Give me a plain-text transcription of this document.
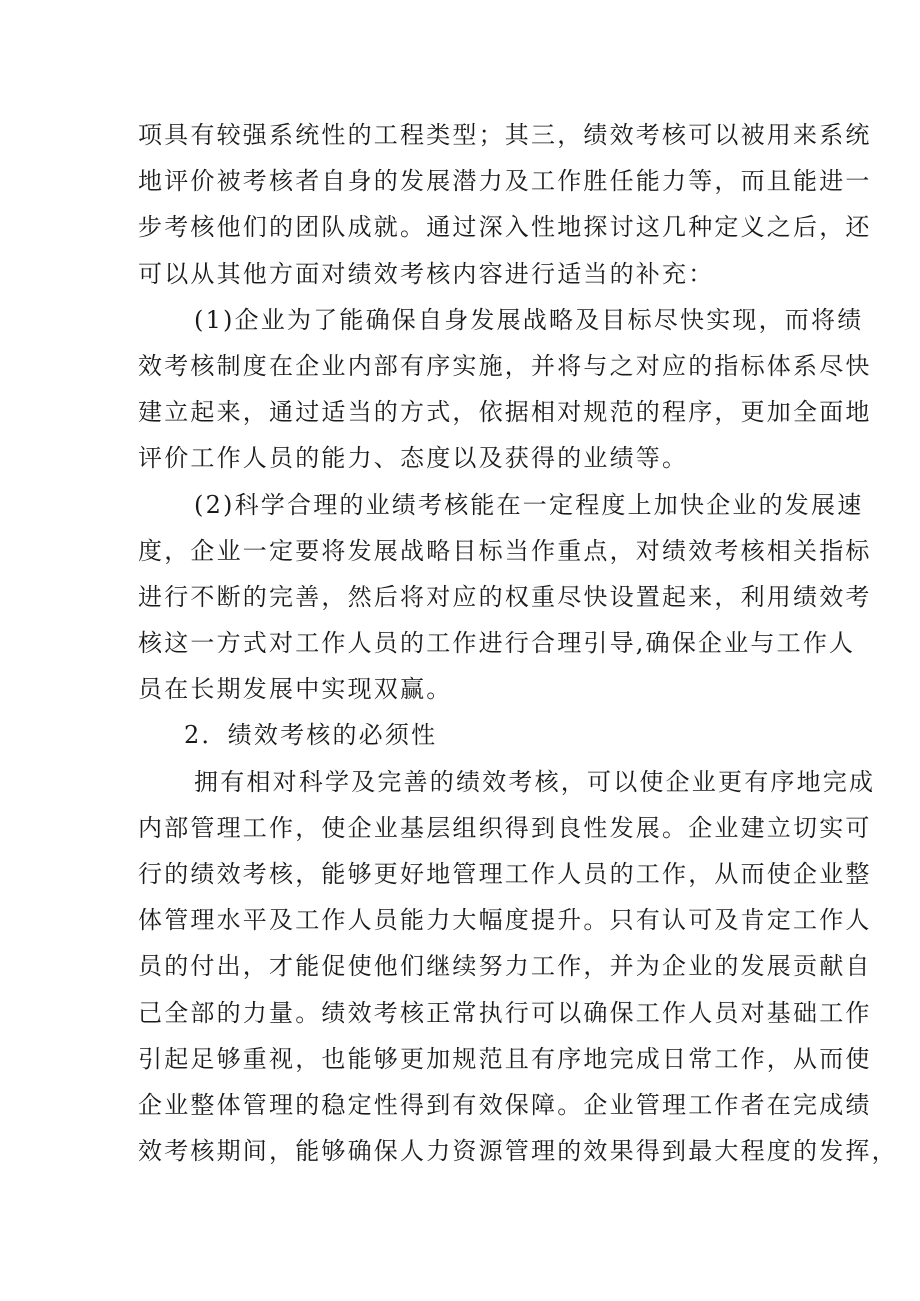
项具有较强系统性的工程类型；其三，绩效考核可以被用来系统
地评价被考核者自身的发展潜力及工作胜任能力等，而且能进一
步考核他们的团队成就。通过深入性地探讨这几种定义之后，还
可以从其他方面对绩效考核内容进行适当的补充：
(1)企业为了能确保自身发展战略及目标尽快实现，而将绩
效考核制度在企业内部有序实施，并将与之对应的指标体系尽快
建立起来，通过适当的方式，依据相对规范的程序，更加全面地
评价工作人员的能力、态度以及获得的业绩等。
(2)科学合理的业绩考核能在一定程度上加快企业的发展速
度，企业一定要将发展战略目标当作重点，对绩效考核相关指标
进行不断的完善，然后将对应的权重尽快设置起来，利用绩效考
核这一方式对工作人员的工作进行合理引导,确保企业与工作人
员在长期发展中实现双赢。
2．绩效考核的必须性
拥有相对科学及完善的绩效考核，可以使企业更有序地完成
内部管理工作，使企业基层组织得到良性发展。企业建立切实可
行的绩效考核，能够更好地管理工作人员的工作，从而使企业整
体管理水平及工作人员能力大幅度提升。只有认可及肯定工作人
员的付出，才能促使他们继续努力工作，并为企业的发展贡献自
己全部的力量。绩效考核正常执行可以确保工作人员对基础工作
引起足够重视，也能够更加规范且有序地完成日常工作，从而使
企业整体管理的稳定性得到有效保障。企业管理工作者在完成绩
效考核期间，能够确保人力资源管理的效果得到最大程度的发挥，
